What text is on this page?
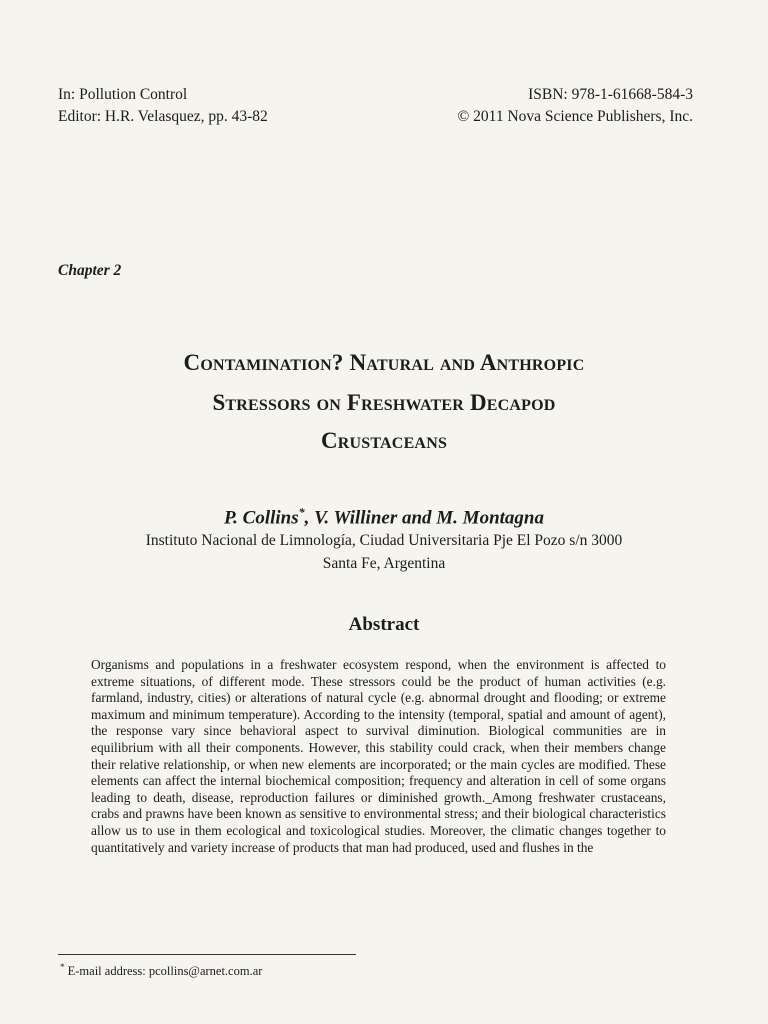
In: Pollution Control
Editor: H.R. Velasquez, pp. 43-82
ISBN: 978-1-61668-584-3
© 2011 Nova Science Publishers, Inc.
Chapter 2
Contamination? Natural and Anthropic
Stressors on Freshwater Decapod
Crustaceans
P. Collins*, V. Williner and M. Montagna
Instituto Nacional de Limnología, Ciudad Universitaria Pje El Pozo s/n 3000
Santa Fe, Argentina
Abstract
Organisms and populations in a freshwater ecosystem respond, when the environment is affected to extreme situations, of different mode. These stressors could be the product of human activities (e.g. farmland, industry, cities) or alterations of natural cycle (e.g. abnormal drought and flooding; or extreme maximum and minimum temperature). According to the intensity (temporal, spatial and amount of agent), the response vary since behavioral aspect to survival diminution. Biological communities are in equilibrium with all their components. However, this stability could crack, when their members change their relative relationship, or when new elements are incorporated; or the main cycles are modified. These elements can affect the internal biochemical composition; frequency and alteration in cell of some organs leading to death, disease, reproduction failures or diminished growth._Among freshwater crustaceans, crabs and prawns have been known as sensitive to environmental stress; and their biological characteristics allow us to use in them ecological and toxicological studies. Moreover, the climatic changes together to quantitatively and variety increase of products that man had produced, used and flushes in the
* E-mail address: pcollins@arnet.com.ar
